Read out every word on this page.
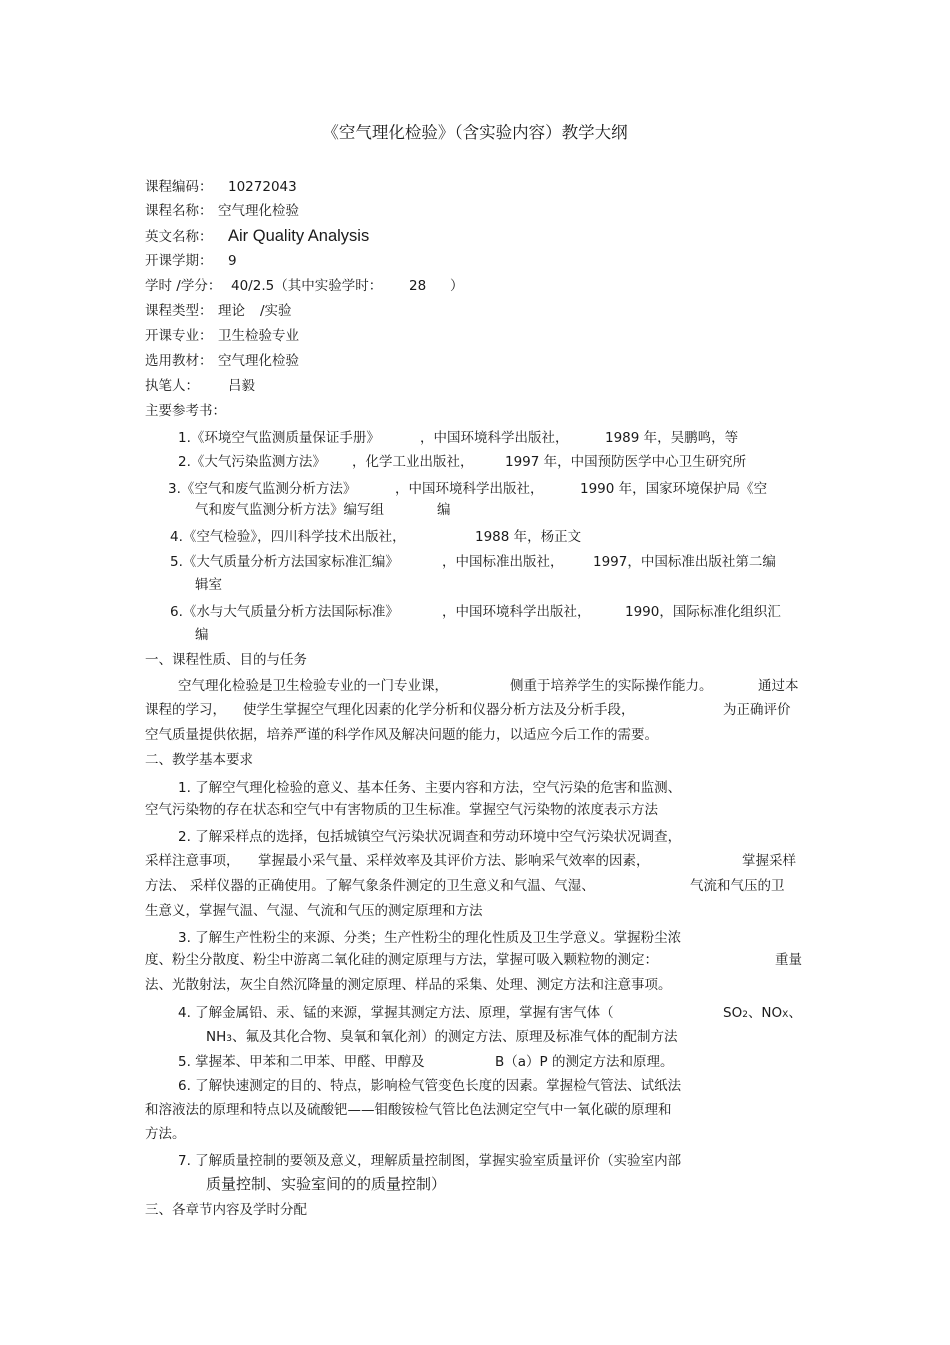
《空气理化检验》（含实验内容）教学大纲
课程编码： 10272043
课程名称： 空气理化检验
英文名称： Air Quality Analysis
开课学期： 9
学时 /学分： 40/2.5（其中实验学时： 28 ）
课程类型： 理论 /实验
开课专业： 卫生检验专业
选用教材： 空气理化检验
执笔人： 吕毅
主要参考书：
1.《环境空气监测质量保证手册》	，中国环境科学出版社，	1989 年，吴鹏鸣，等
2.《大气污染监测方法》 ，化学工业出版社， 1997 年，中国预防医学中心卫生研究所
3.《空气和废气监测分析方法》	，中国环境科学出版社，	1990 年，国家环境保护局《空
气和废气监测分析方法》编写组	编
4.《空气检验》，四川科学技术出版社，	1988 年，杨正文
5.《大气质量分析方法国家标准汇编》	，中国标准出版社， 1997，中国标准出版社第二编
辑室
6.《水与大气质量分析方法国际标准》	，中国环境科学出版社，	1990，国际标准化组织汇
编
一、课程性质、目的与任务
空气理化检验是卫生检验专业的一门专业课，	侧重于培养学生的实际操作能力。	通过本
课程的学习， 使学生掌握空气理化因素的化学分析和仪器分析方法及分析手段，	为正确评价
空气质量提供依据，培养严谨的科学作风及解决问题的能力，以适应今后工作的需要。
二、教学基本要求
1. 了解空气理化检验的意义、基本任务、主要内容和方法，空气污染的危害和监测、
空气污染物的存在状态和空气中有害物质的卫生标准。掌握空气污染物的浓度表示方法
2. 了解采样点的选择，包括城镇空气污染状况调查和劳动环境中空气污染状况调查，
采样注意事项， 掌握最小采气量、采样效率及其评价方法、影响采气效率的因素，	掌握采样
方法、 采样仪器的正确使用。了解气象条件测定的卫生意义和气温、气湿、	气流和气压的卫
生意义，掌握气温、气湿、气流和气压的测定原理和方法
3. 了解生产性粉尘的来源、分类；生产性粉尘的理化性质及卫生学意义。掌握粉尘浓
度、粉尘分散度、粉尘中游离二氧化硅的测定原理与方法，掌握可吸入颗粒物的测定：	重量
法、光散射法，灰尘自然沉降量的测定原理、样品的采集、处理、测定方法和注意事项。
4. 了解金属铅、汞、锰的来源，掌握其测定方法、原理，掌握有害气体（	SO2、NOX、
NH3、氟及其化合物、臭氧和氧化剂）的测定方法、原理及标准气体的配制方法
5. 掌握苯、甲苯和二甲苯、甲醛、甲醇及	B（a）P 的测定方法和原理。
6. 了解快速测定的目的、特点，影响检气管变色长度的因素。掌握检气管法、试纸法
和溶液法的原理和特点以及硫酸钯——钼酸铵检气管比色法测定空气中一氧化碳的原理和
方法。
7. 了解质量控制的要领及意义，理解质量控制图，掌握实验室质量评价（实验室内部
质量控制、实验室间的的质量控制）
三、各章节内容及学时分配
